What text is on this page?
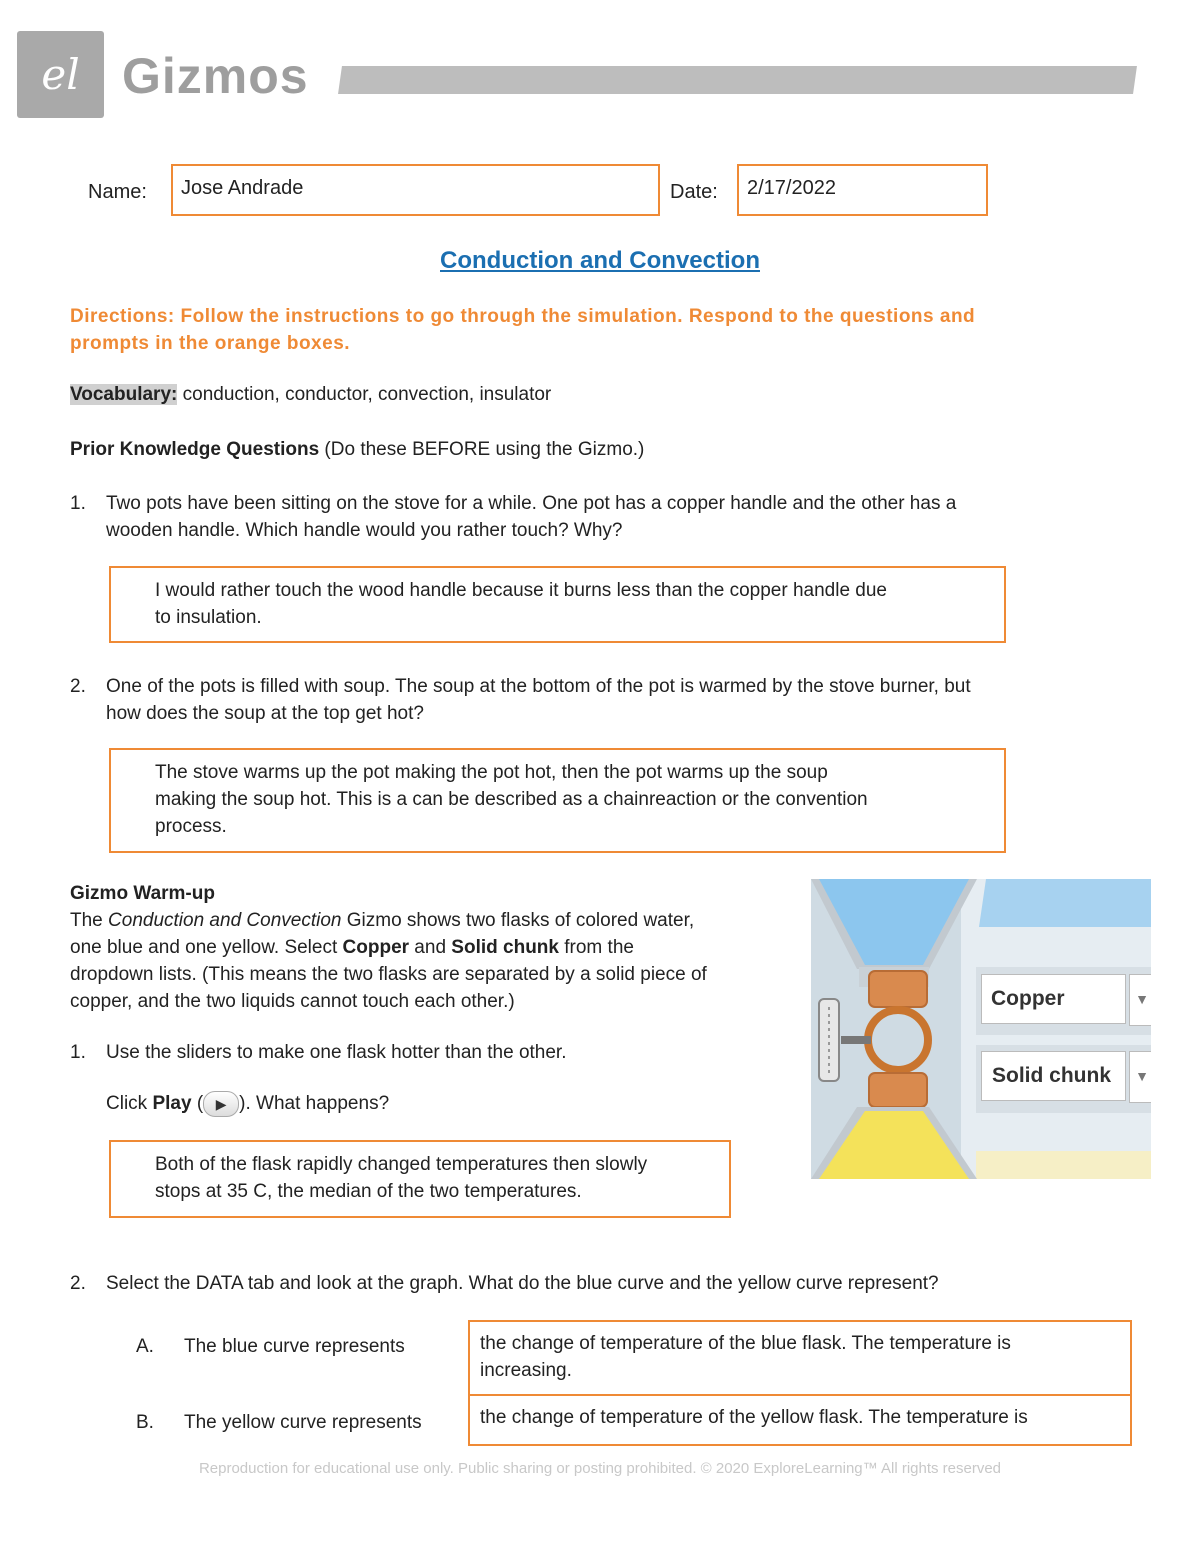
el Gizmos
Name:	Jose Andrade	Date:	2/17/2022
Conduction and Convection
Directions: Follow the instructions to go through the simulation. Respond to the questions and
prompts in the orange boxes.
Vocabulary: conduction, conductor, convection, insulator
Prior Knowledge Questions (Do these BEFORE using the Gizmo.)
1. Two pots have been sitting on the stove for a while. One pot has a copper handle and the other has a
wooden handle. Which handle would you rather touch? Why?
I would rather touch the wood handle because it burns less than the copper handle due
to insulation.
2. One of the pots is filled with soup. The soup at the bottom of the pot is warmed by the stove burner, but
how does the soup at the top get hot?
The stove warms up the pot making the pot hot, then the pot warms up the soup
making the soup hot. This is a can be described as a chainreaction or the convention
process.
Gizmo Warm-up
The Conduction and Convection Gizmo shows two flasks of colored water,
one blue and one yellow. Select Copper and Solid chunk from the
dropdown lists. (This means the two flasks are separated by a solid piece of
copper, and the two liquids cannot touch each other.)
1. Use the sliders to make one flask hotter than the other.
Click Play ( ▶ ). What happens?
Both of the flask rapidly changed temperatures then slowly
stops at 35 C, the median of the two temperatures.
2. Select the DATA tab and look at the graph. What do the blue curve and the yellow curve represent?
A. The blue curve represents	the change of temperature of the blue flask. The temperature is
increasing.
B. The yellow curve represents	the change of temperature of the yellow flask. The temperature is
Copper	▼
Solid chunk	▼
Reproduction for educational use only. Public sharing or posting prohibited. © 2020 ExploreLearning™ All rights reserved
